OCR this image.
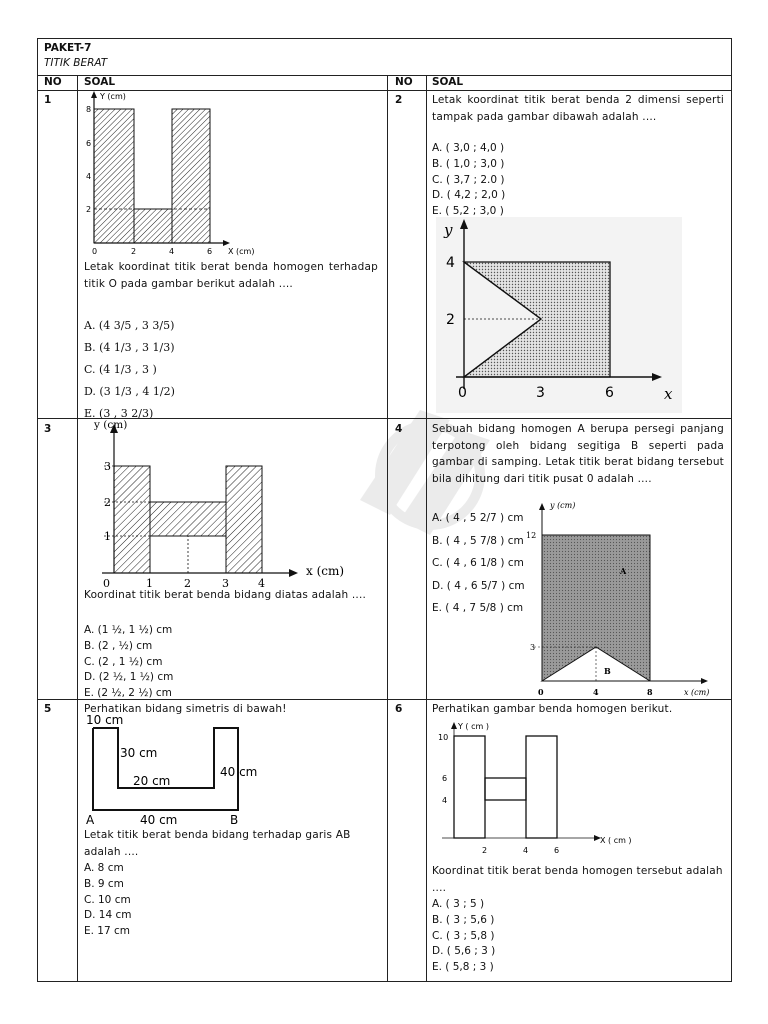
PAKET-7
TITIK BERAT
NO SOAL	NO SOAL
1	Y (cm)
X (cm)
8
6
4
2
0	2	4	6
Letak koordinat titik berat benda homogen terhadap titik O pada gambar berikut adalah ....
A. (4 3/5 , 3 3/5)
B. (4 1/3 , 3 1/3)
C. (4 1/3 , 3 )
D. (3 1/3 , 4 1/2)
E. (3 , 3 2/3)
2	Letak koordinat titik berat benda 2 dimensi seperti tampak pada gambar dibawah adalah ....
A. ( 3,0 ; 4,0 )
B. ( 1,0 ; 3,0 )
C. ( 3,7 ; 2.0 )
D. ( 4,2 ; 2,0 )
E. ( 5,2 ; 3,0 )
y
x
4
2
0	3	6
3	y (cm)
x (cm)
3
2
1
0	1	2	3	4
Koordinat titik berat benda bidang diatas adalah ....
A. (1 ½, 1 ½) cm
B. (2 , ½) cm
C. (2 , 1 ½) cm
D. (2 ½, 1 ½) cm
E. (2 ½, 2 ½) cm
4	Sebuah bidang homogen A berupa persegi panjang terpotong oleh bidang segitiga B seperti pada gambar di samping. Letak titik berat bidang tersebut bila dihitung dari titik pusat 0 adalah ....
A. ( 4 , 5 2/7 ) cm
B. ( 4 , 5 7/8 ) cm
C. ( 4 , 6 1/8 ) cm
D. ( 4 , 6 5/7 ) cm
E. ( 4 , 7 5/8 ) cm
y (cm)
x (cm)
12
3
0	4	8
A
B
5	Perhatikan bidang simetris di bawah!
10 cm
30 cm
20 cm
40 cm
40 cm
A	B
Letak titik berat benda bidang terhadap garis AB adalah ....
A. 8 cm
B. 9 cm
C. 10 cm
D. 14 cm
E. 17 cm
6	Perhatikan gambar benda homogen berikut.
Y ( cm )
X ( cm )
10
6
4
2	4	6
Koordinat titik berat benda homogen tersebut adalah ....
A. ( 3 ; 5 )
B. ( 3 ; 5,6 )
C. ( 3 ; 5,8 )
D. ( 5,6 ; 3 )
E. ( 5,8 ; 3 )
